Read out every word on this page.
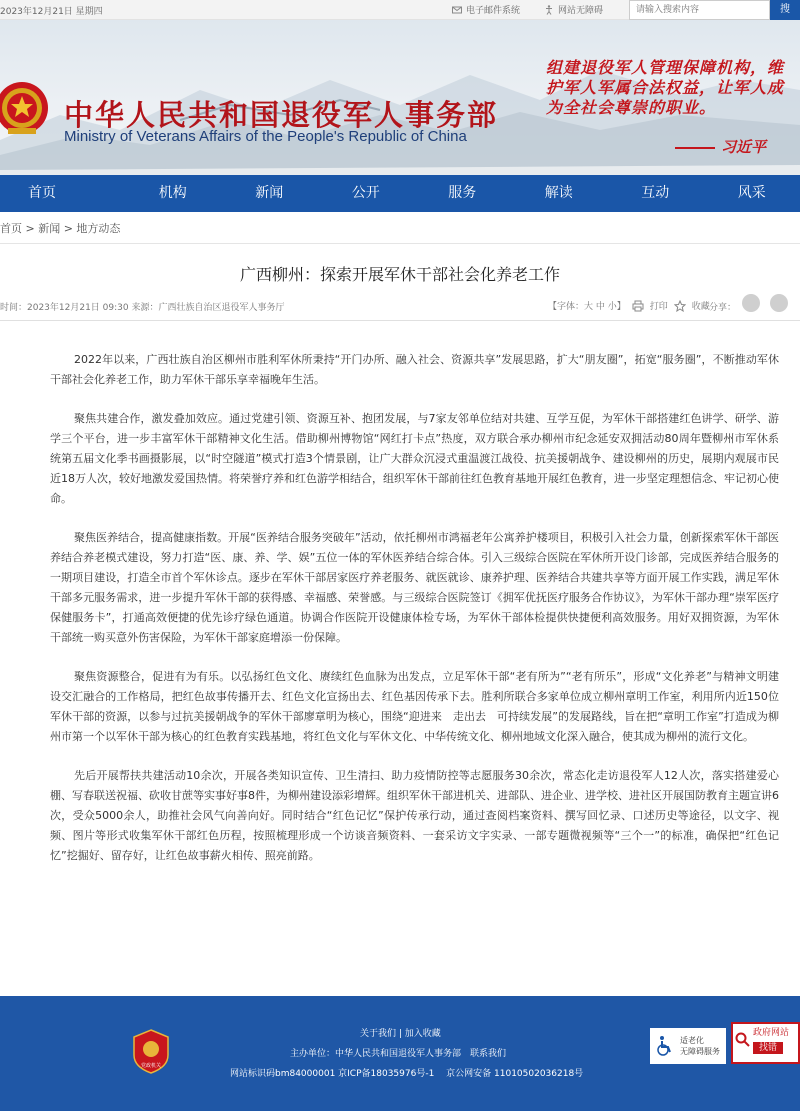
2023年12月21日 星期四	电子邮件系统	网站无障碍
请输入搜索内容	搜
中华人民共和国退役军人事务部
Ministry of Veterans Affairs of the People's Republic of China
组建退役军人管理保障机构，维护军人军属合法权益，让军人成为全社会尊崇的职业。
习近平
首页	机构	新闻	公开	服务	解读	互动	风采
首页 > 新闻 > 地方动态
广西柳州：探索开展军休干部社会化养老工作
时间：2023年12月21日 09:30 来源：广西壮族自治区退役军人事务厅	【字体：大 中 小】	打印	收藏 分享：

2022年以来，广西壮族自治区柳州市胜利军休所秉持“开门办所、融入社会、资源共享”发展思路，扩大“朋友圈”，拓宽“服务圈”，不断推动军休干部社会化养老工作，助力军休干部乐享幸福晚年生活。

聚焦共建合作，激发叠加效应。通过党建引领、资源互补、抱团发展，与7家友邻单位结对共建、互学互促，为军休干部搭建红色讲学、研学、游学三个平台，进一步丰富军休干部精神文化生活。借助柳州博物馆“网红打卡点”热度，双方联合承办柳州市纪念延安双拥活动80周年暨柳州市军休系统第五届文化季书画摄影展，以“时空隧道”模式打造3个情景剧，让广大群众沉浸式重温渡江战役、抗美援朝战争、建设柳州的历史，展期内观展市民近18万人次，较好地激发爱国热情。将荣誉疗养和红色游学相结合，组织军休干部前往红色教育基地开展红色教育，进一步坚定理想信念、牢记初心使命。

聚焦医养结合，提高健康指数。开展“医养结合服务突破年”活动，依托柳州市鸿福老年公寓养护楼项目，积极引入社会力量，创新探索军休干部医养结合养老模式建设，努力打造“医、康、养、学、娱”五位一体的军休医养结合综合体。引入三级综合医院在军休所开设门诊部，完成医养结合服务的一期项目建设，打造全市首个军休诊点。逐步在军休干部居家医疗养老服务、就医就诊、康养护理、医养结合共建共享等方面开展工作实践，满足军休干部多元服务需求，进一步提升军休干部的获得感、幸福感、荣誉感。与三级综合医院签订《拥军优抚医疗服务合作协议》，为军休干部办理“崇军医疗保健服务卡”，打通高效便捷的优先诊疗绿色通道。协调合作医院开设健康体检专场，为军休干部体检提供快捷便利高效服务。用好双拥资源，为军休干部统一购买意外伤害保险，为军休干部家庭增添一份保障。

聚焦资源整合，促进有为有乐。以弘扬红色文化、赓续红色血脉为出发点，立足军休干部“老有所为”“老有所乐”，形成“文化养老”与精神文明建设交汇融合的工作格局，把红色故事传播开去、红色文化宣扬出去、红色基因传承下去。胜利所联合多家单位成立柳州章明工作室，利用所内近150位军休干部的资源，以参与过抗美援朝战争的军休干部廖章明为核心，围绕“迎进来　走出去　可持续发展”的发展路线，旨在把“章明工作室”打造成为柳州市第一个以军休干部为核心的红色教育实践基地，将红色文化与军休文化、中华传统文化、柳州地域文化深入融合，使其成为柳州的流行文化。

先后开展帮扶共建活动10余次，开展各类知识宣传、卫生清扫、助力疫情防控等志愿服务30余次，常态化走访退役军人12人次，落实搭建爱心棚、写春联送祝福、砍收甘蔗等实事好事8件，为柳州建设添彩增辉。组织军休干部进机关、进部队、进企业、进学校、进社区开展国防教育主题宣讲6次，受众5000余人，助推社会风气向善向好。同时结合“红色记忆”保护传承行动，通过查阅档案资料、撰写回忆录、口述历史等途径，以文字、视频、图片等形式收集军休干部红色历程，按照梳理形成一个访谈音频资料、一套采访文字实录、一部专题微视频等“三个一”的标准，确保把“红色记忆”挖掘好、留存好，让红色故事薪火相传、照亮前路。

党政机关
关于我们 | 加入收藏
主办单位：中华人民共和国退役军人事务部　联系我们
网站标识码bm84000001 京ICP备18035976号-1 　京公网安备 11010502036218号
适老化
无障碍服务
政府网站
找错
